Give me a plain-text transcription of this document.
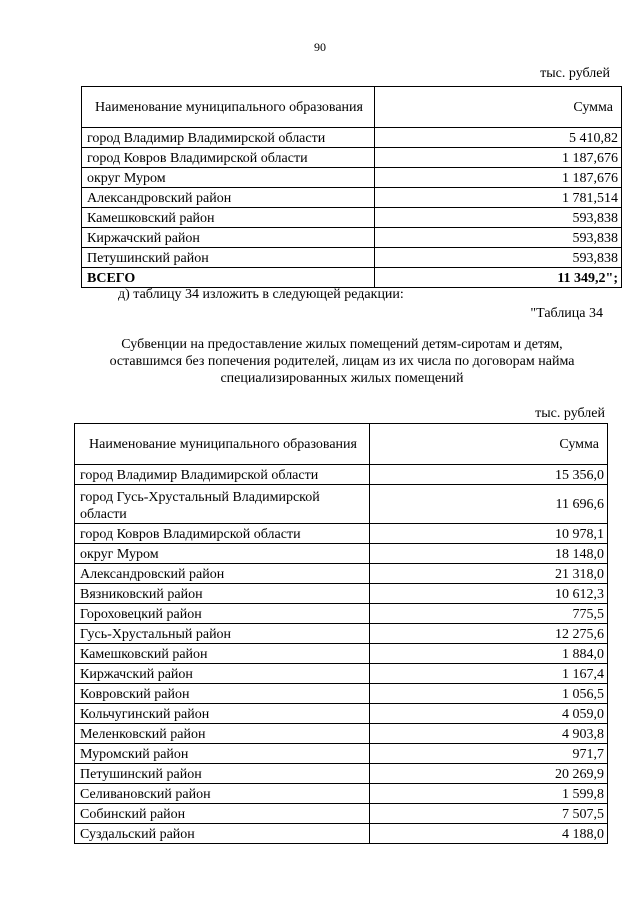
90
тыс. рублей
Наименование муниципального образования	Сумма
город Владимир Владимирской области	5 410,82
город Ковров Владимирской области	1 187,676
округ Муром	1 187,676
Александровский район	1 781,514
Камешковский район	593,838
Киржачский район	593,838
Петушинский район	593,838
ВСЕГО	11 349,2";
д) таблицу 34 изложить в следующей редакции:
"Таблица 34
Субвенции на предоставление жилых помещений детям-сиротам и детям, оставшимся без попечения родителей, лицам из их числа по договорам найма специализированных жилых помещений
тыс. рублей
Наименование муниципального образования	Сумма
город Владимир Владимирской области	15 356,0
город Гусь-Хрустальный Владимирской области	11 696,6
город Ковров Владимирской области	10 978,1
округ Муром	18 148,0
Александровский район	21 318,0
Вязниковский район	10 612,3
Гороховецкий район	775,5
Гусь-Хрустальный район	12 275,6
Камешковский район	1 884,0
Киржачский район	1 167,4
Ковровский район	1 056,5
Кольчугинский район	4 059,0
Меленковский район	4 903,8
Муромский район	971,7
Петушинский район	20 269,9
Селивановский район	1 599,8
Собинский район	7 507,5
Суздальский район	4 188,0
